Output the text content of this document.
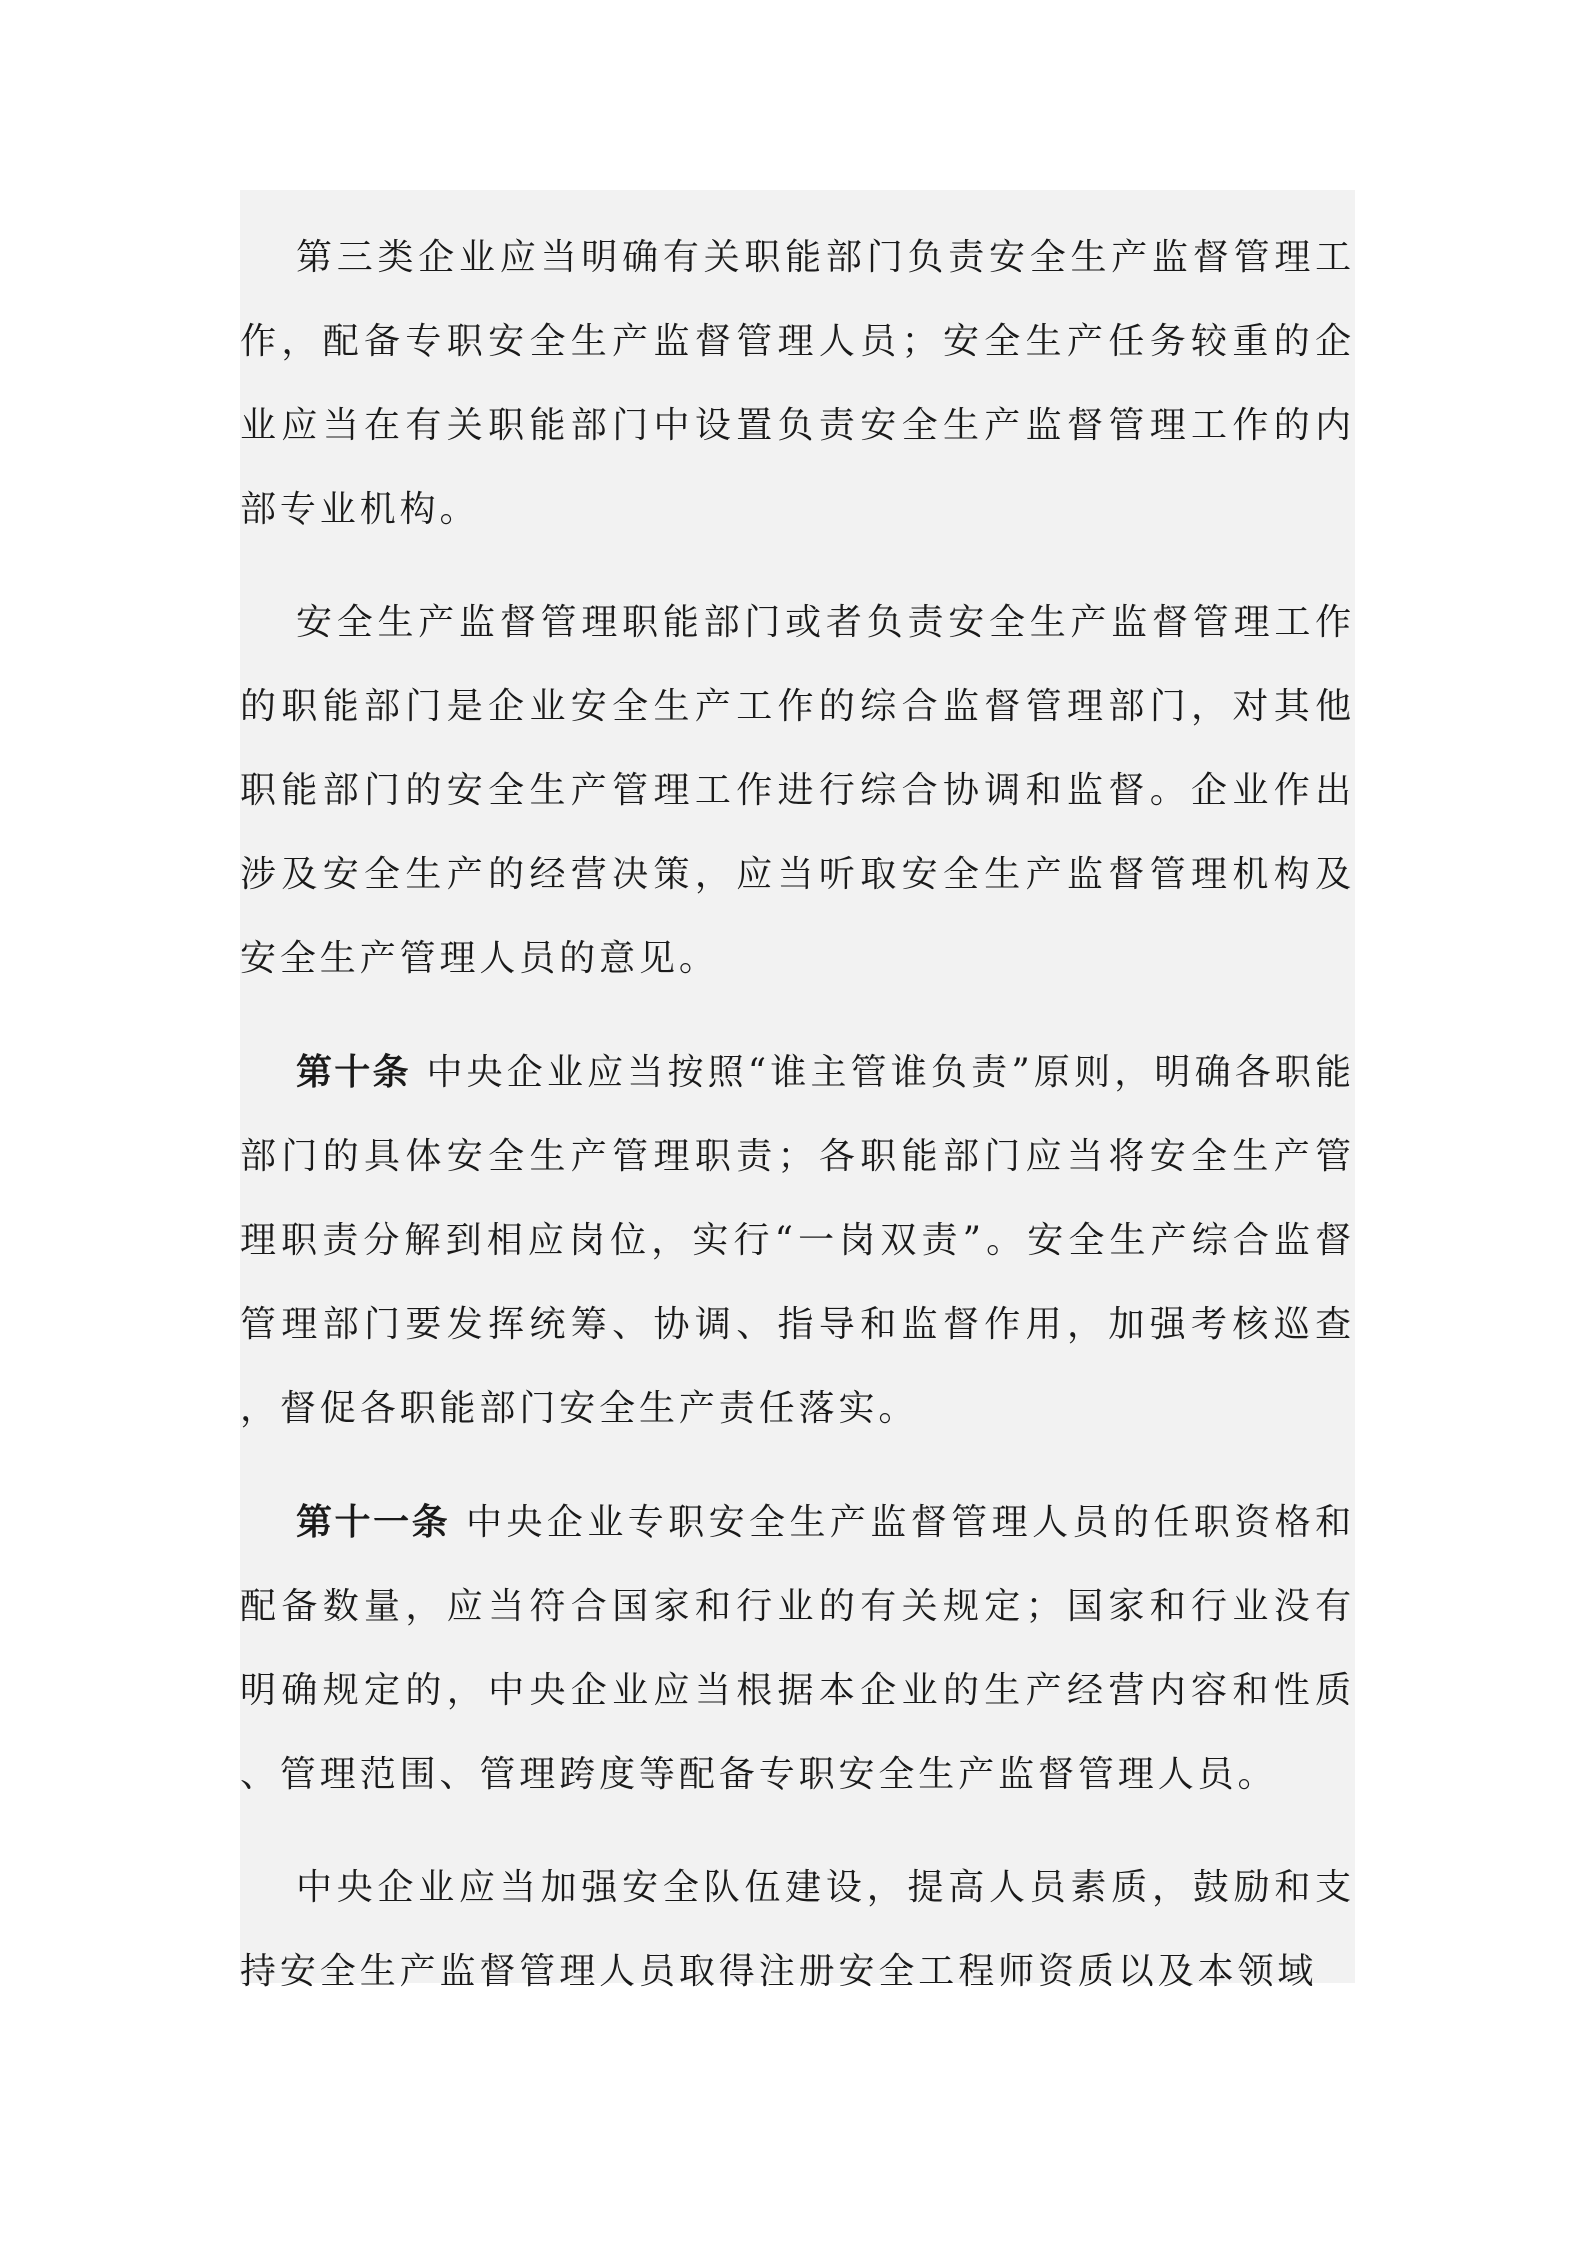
第三类企业应当明确有关职能部门负责安全生产监督管理工作，配备专职安全生产监督管理人员；安全生产任务较重的企业应当在有关职能部门中设置负责安全生产监督管理工作的内部专业机构。

安全生产监督管理职能部门或者负责安全生产监督管理工作的职能部门是企业安全生产工作的综合监督管理部门，对其他职能部门的安全生产管理工作进行综合协调和监督。企业作出涉及安全生产的经营决策，应当听取安全生产监督管理机构及安全生产管理人员的意见。

第十条 中央企业应当按照“谁主管谁负责”原则，明确各职能部门的具体安全生产管理职责；各职能部门应当将安全生产管理职责分解到相应岗位，实行“一岗双责”。安全生产综合监督管理部门要发挥统筹、协调、指导和监督作用，加强考核巡查，督促各职能部门安全生产责任落实。

第十一条 中央企业专职安全生产监督管理人员的任职资格和配备数量，应当符合国家和行业的有关规定；国家和行业没有明确规定的，中央企业应当根据本企业的生产经营内容和性质、管理范围、管理跨度等配备专职安全生产监督管理人员。

中央企业应当加强安全队伍建设，提高人员素质，鼓励和支持安全生产监督管理人员取得注册安全工程师资质以及本领域
